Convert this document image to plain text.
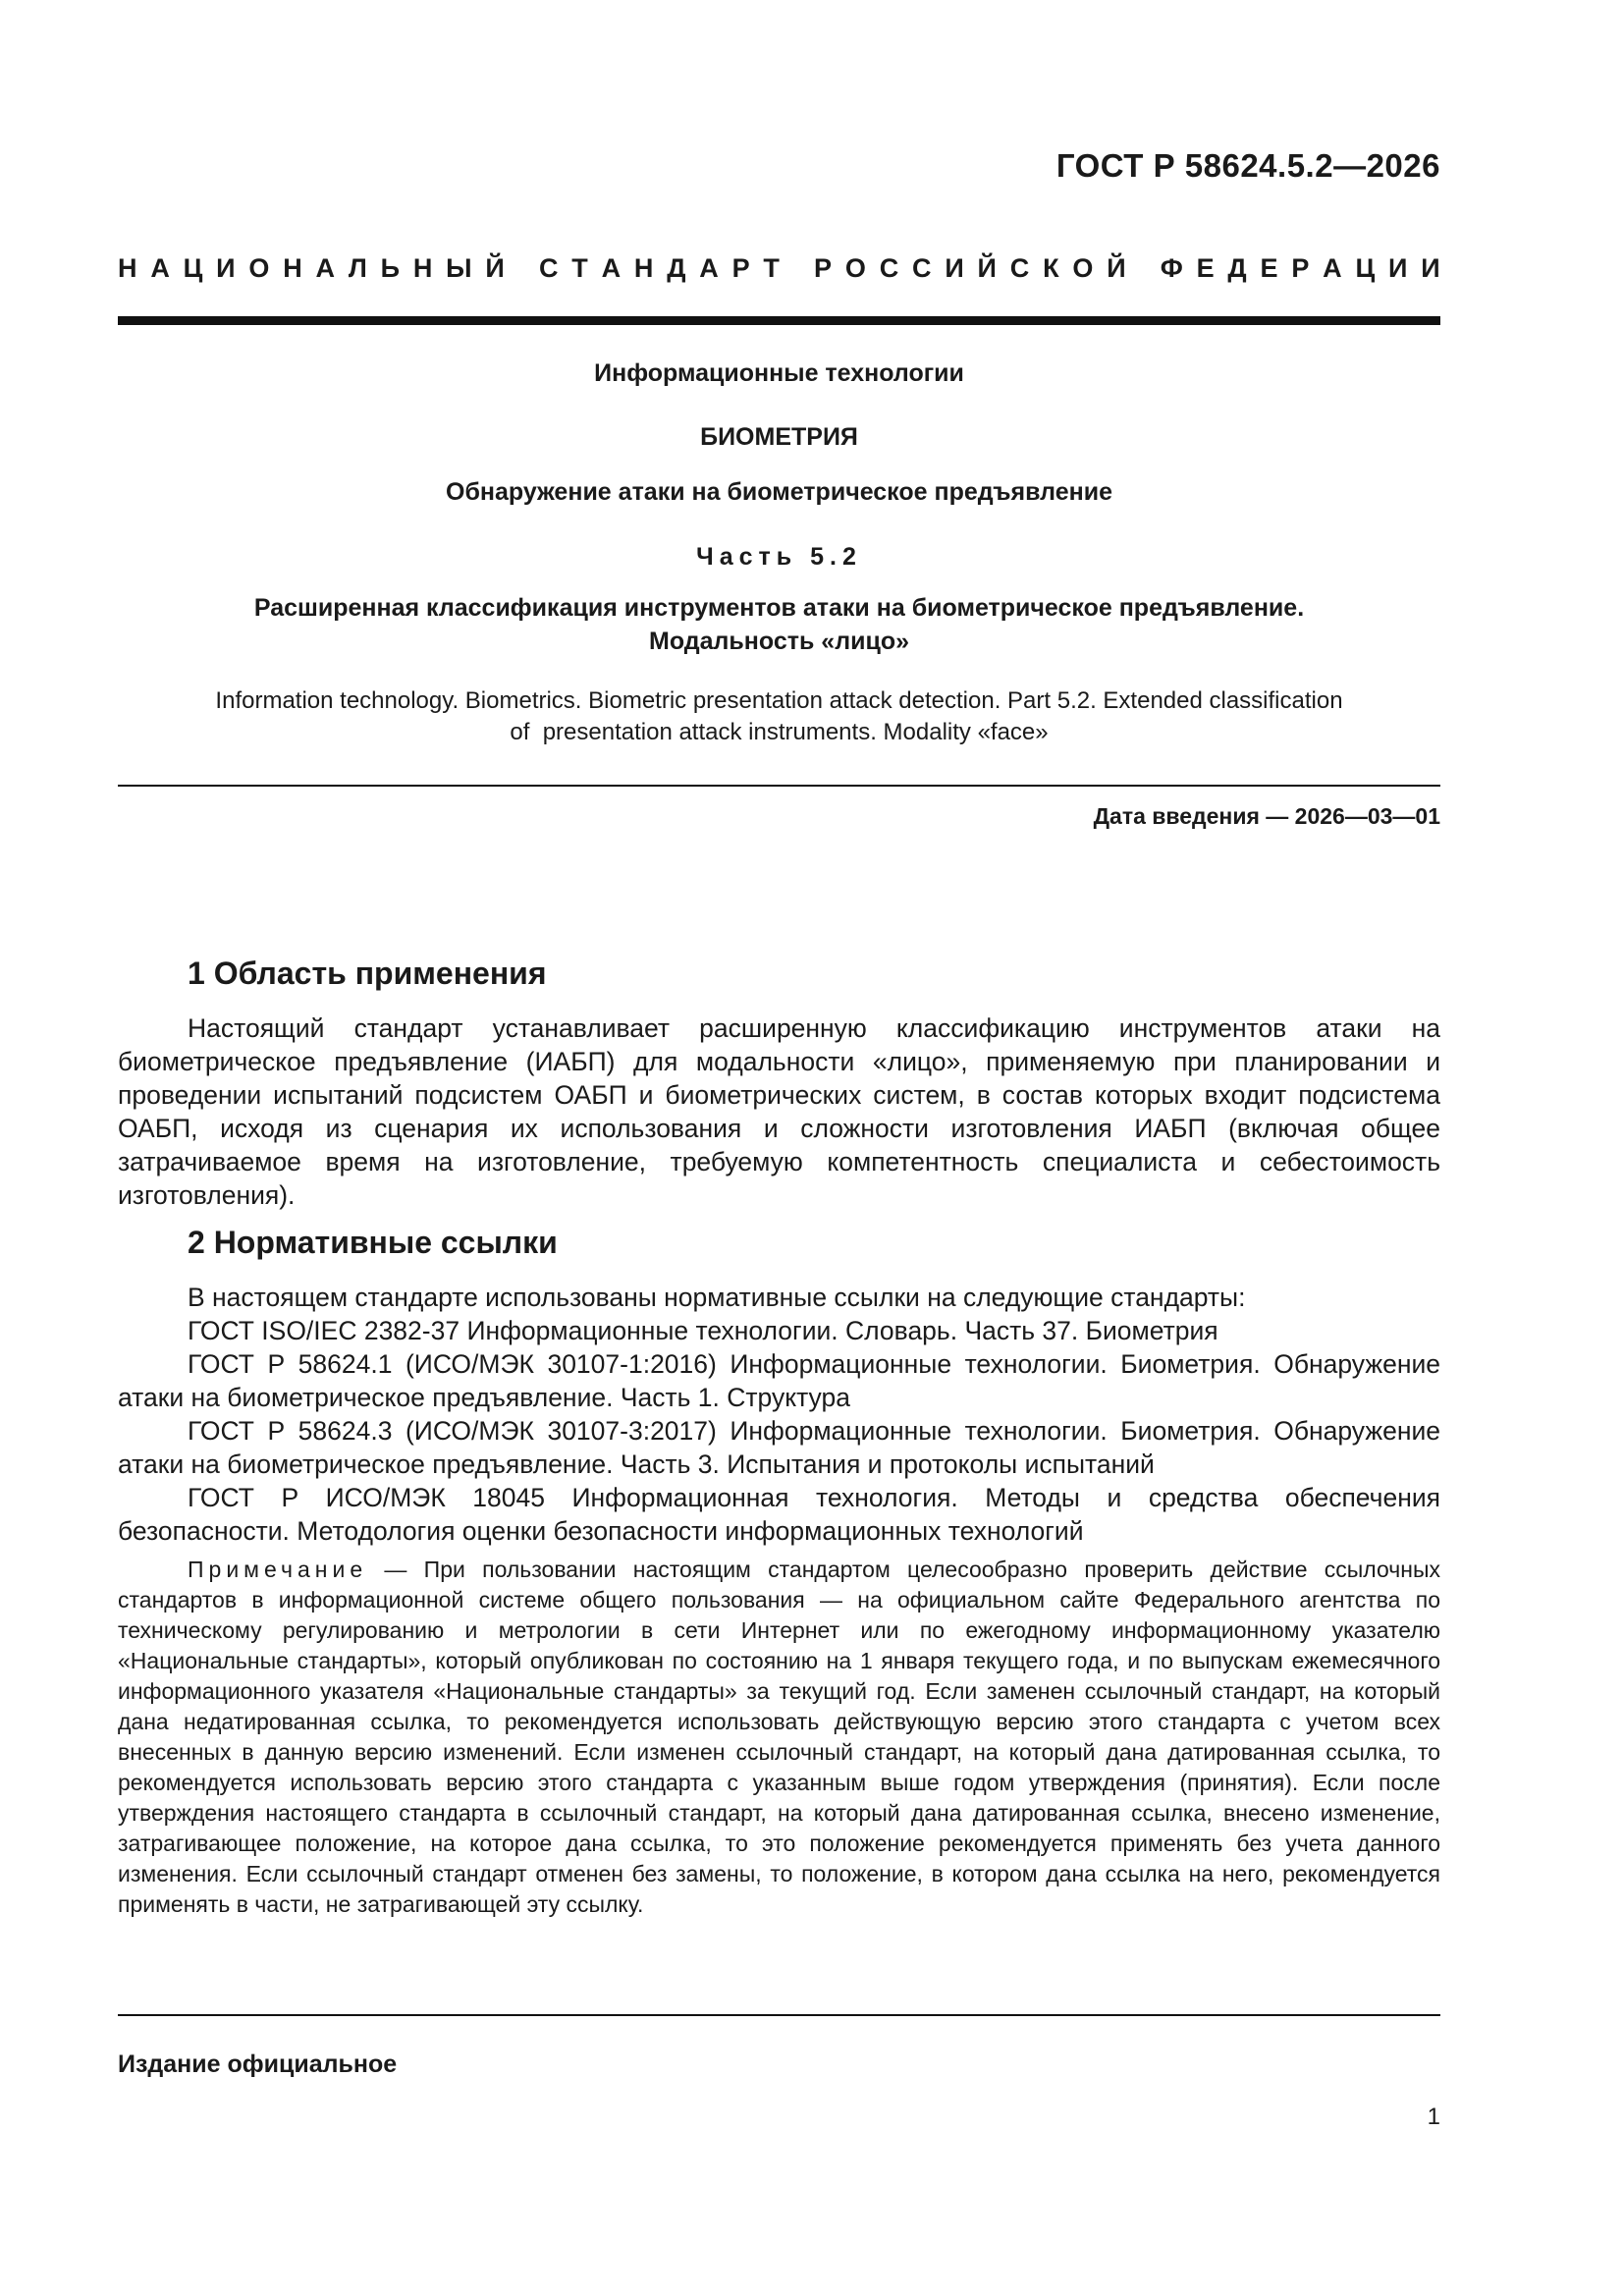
ГОСТ Р 58624.5.2—2026
Н А Ц И О Н А Л Ь Н Ы Й
С Т А Н Д А Р Т
Р О С С И Й С К О Й
Ф Е Д Е Р А Ц И И
Информационные технологии
БИОМЕТРИЯ
Обнаружение атаки на биометрическое предъявление
Часть 5.2
Расширенная классификация инструментов атаки на биометрическое предъявление.
Модальность «лицо»
Information technology. Biometrics. Biometric presentation attack detection. Part 5.2. Extended classification
of  presentation attack instruments. Modality «face»
Дата введения — 2026—03—01
1 Область применения
Настоящий стандарт устанавливает расширенную классификацию инструментов атаки на биометрическое предъявление (ИАБП) для модальности «лицо», применяемую при планировании и проведении испытаний подсистем ОАБП и биометрических систем, в состав которых входит подсистема ОАБП, исходя из сценария их использования и сложности изготовления ИАБП (включая общее затрачиваемое время на изготовление, требуемую компетентность специалиста и себестоимость изготовления).
2 Нормативные ссылки

В настоящем стандарте использованы нормативные ссылки на следующие стандарты:

ГОСТ ISO/IEC 2382-37 Информационные технологии. Словарь. Часть 37. Биометрия

ГОСТ Р 58624.1 (ИСО/МЭК 30107-1:2016) Информационные технологии. Биометрия. Обнаружение атаки на биометрическое предъявление. Часть 1. Структура

ГОСТ Р 58624.3 (ИСО/МЭК 30107-3:2017) Информационные технологии. Биометрия. Обнаружение атаки на биометрическое предъявление. Часть 3. Испытания и протоколы испытаний

ГОСТ Р ИСО/МЭК 18045 Информационная технология. Методы и средства обеспечения безопасности. Методология оценки безопасности информационных технологий

Примечание — При пользовании настоящим стандартом целесообразно проверить действие ссылочных стандартов в информационной системе общего пользования — на официальном сайте Федерального агентства по техническому регулированию и метрологии в сети Интернет или по ежегодному информационному указателю «Национальные стандарты», который опубликован по состоянию на 1 января текущего года, и по выпускам ежемесячного информационного указателя «Национальные стандарты» за текущий год. Если заменен ссылочный стандарт, на который дана недатированная ссылка, то рекомендуется использовать действующую версию этого стандарта с учетом всех внесенных в данную версию изменений. Если изменен ссылочный стандарт, на который дана датированная ссылка, то рекомендуется использовать версию этого стандарта с указанным выше годом утверждения (принятия). Если после утверждения настоящего стандарта в ссылочный стандарт, на который дана датированная ссылка, внесено изменение, затрагивающее положение, на которое дана ссылка, то это положение рекомендуется применять без учета данного изменения. Если ссылочный стандарт отменен без замены, то положение, в котором дана ссылка на него, рекомендуется применять в части, не затрагивающей эту ссылку.
Издание официальное
1
